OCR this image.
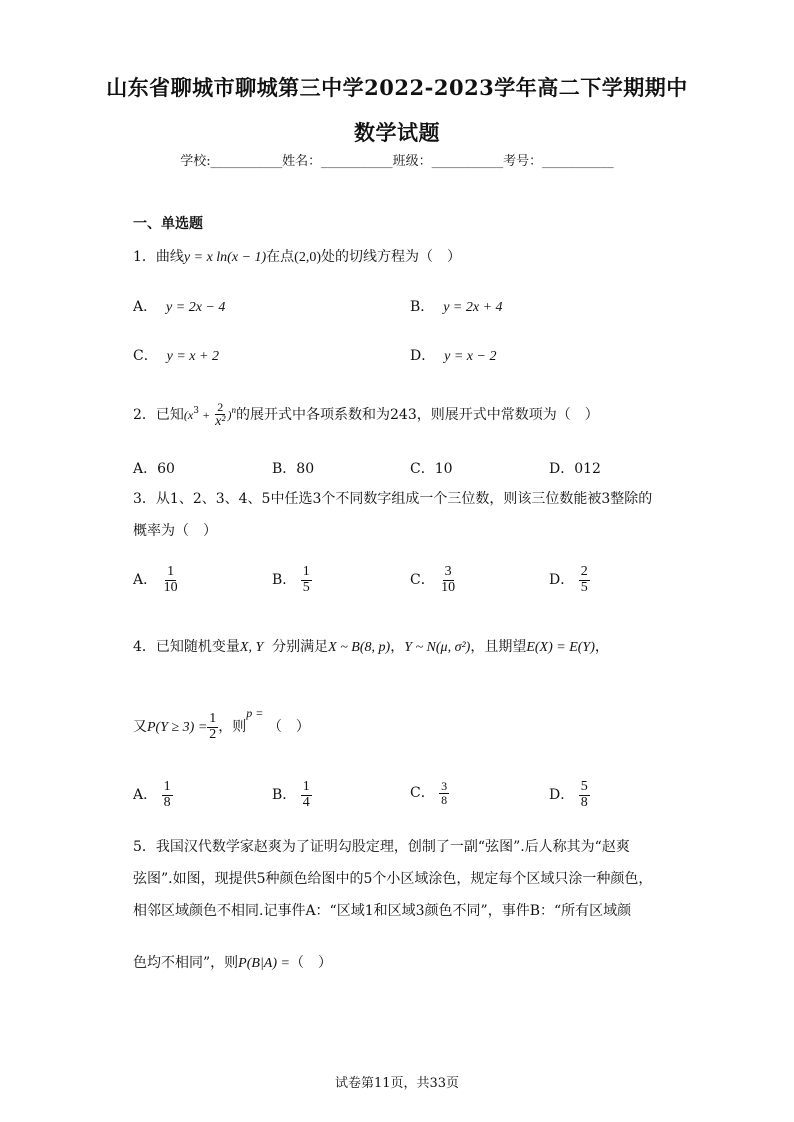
山东省聊城市聊城第三中学2022-2023学年高二下学期期中
数学试题
学校:___________姓名：___________班级：___________考号：___________
一、单选题
1．曲线y = x ln(x − 1)在点(2,0)处的切线方程为（　）
A． y = 2x − 4	B． y = 2x + 4
C． y = x + 2	D． y = x − 2
2．已知$(x^3 + \frac{2}{\text{x²}} )^n$的展开式中各项系数和为243，则展开式中常数项为（　）
A．60	B．80	C．10	D．012
3．从1、2、3、4、5中任选3个不同数字组成一个三位数，则该三位数能被3整除的
概率为（　）
A． $\frac{1}{10}$	B． $\frac{1}{5}$	C． $\frac{3}{10}$	D． $\frac{2}{5}$
4．已知随机变量X, Y 分别满足X ~ B(8, p)，Y ~ N(μ, σ²)，且期望E(X) = E(Y)，
又$P(Y \ge 3) = \frac{1}{2}$ ，则p = （　）
A． $\frac{1}{8}$	B． $\frac{1}{4}$	C． $\frac{3}{8}$	D． $\frac{5}{8}$
5．我国汉代数学家赵爽为了证明勾股定理，创制了一副“弦图”.后人称其为“赵爽
弦图”.如图，现提供5种颜色给图中的5个小区域涂色，规定每个区域只涂一种颜色，
相邻区域颜色不相同.记事件A：“区域1和区域3颜色不同”，事件B：“所有区域颜
色均不相同”，则P(B|A) =（　）
试卷第11页，共33页
